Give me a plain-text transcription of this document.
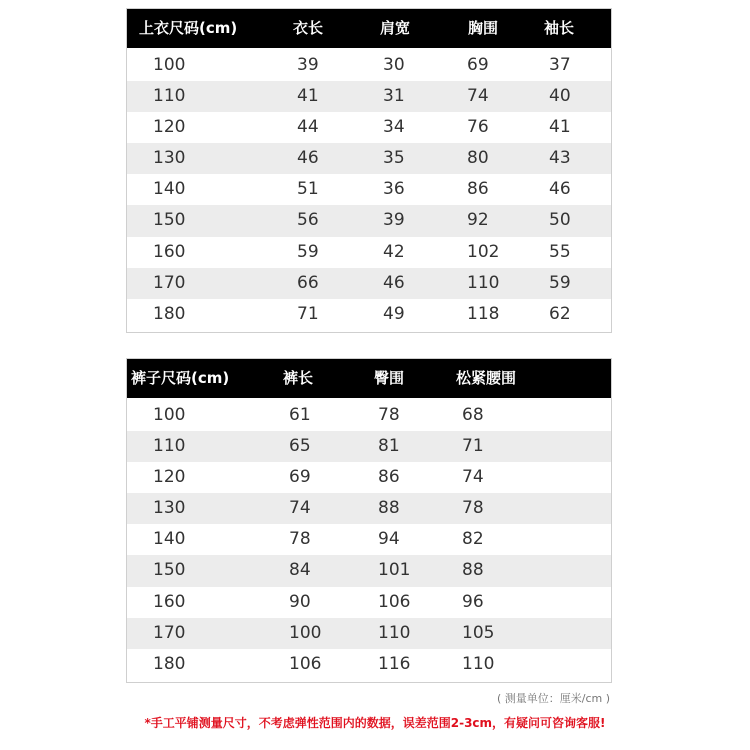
上衣尺码(cm)	衣长	肩宽	胸围	袖长
100	39	30	69	37
110	41	31	74	40
120	44	34	76	41
130	46	35	80	43
140	51	36	86	46
150	56	39	92	50
160	59	42	102	55
170	66	46	110	59
180	71	49	118	62
裤子尺码(cm)	裤长	臀围	松紧腰围
100	61	78	68
110	65	81	71
120	69	86	74
130	74	88	78
140	78	94	82
150	84	101	88
160	90	106	96
170	100	110	105
180	106	116	110
( 测量单位：厘米/cm )
*手工平铺测量尺寸，不考虑弹性范围内的数据，误差范围2-3cm，有疑问可咨询客服!
